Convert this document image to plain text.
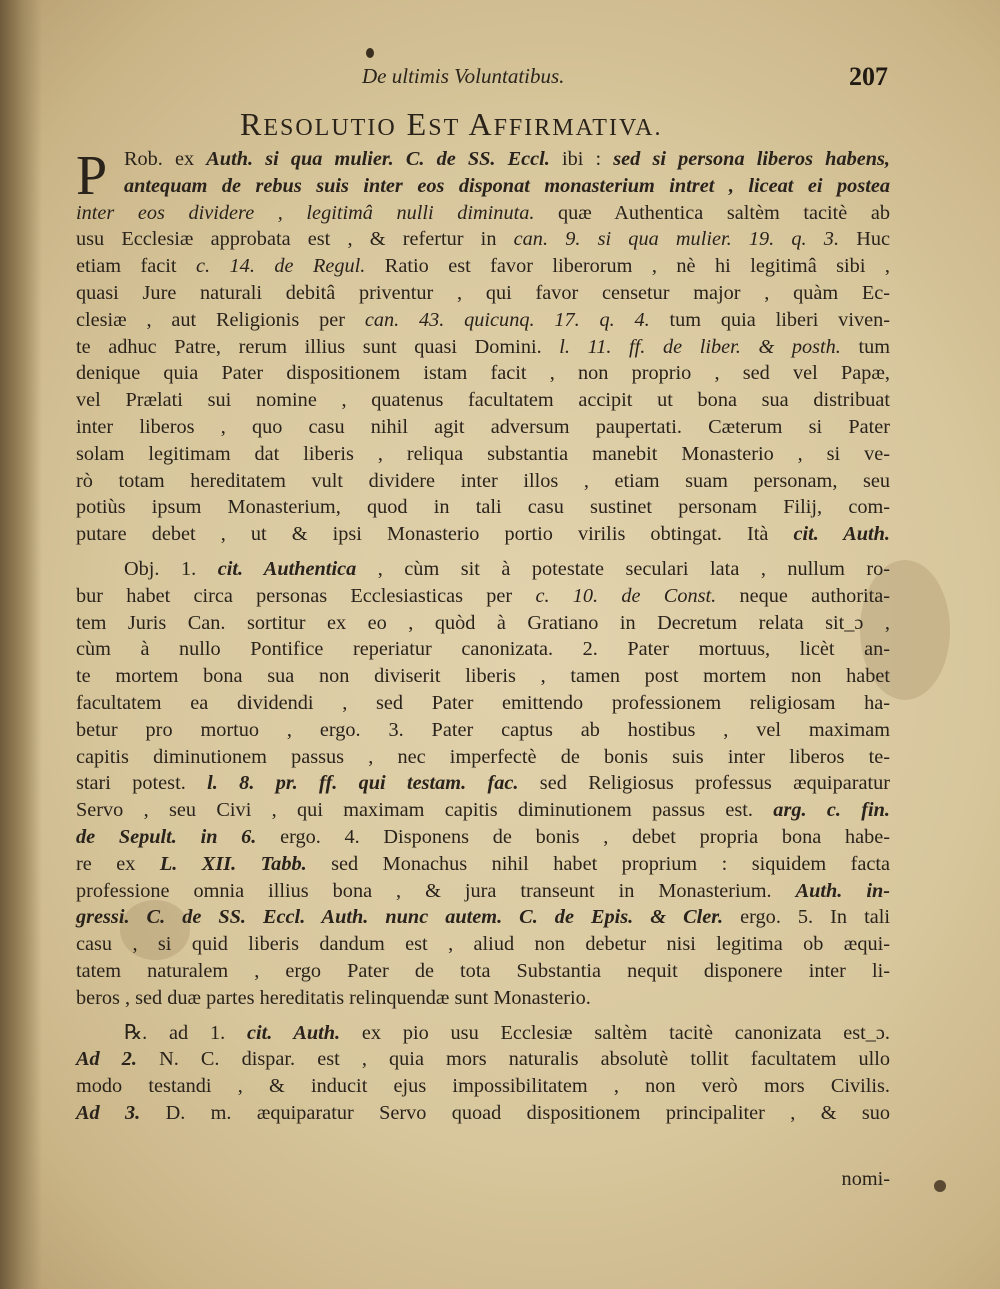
De ultimis Voluntatibus.	207
RESOLUTIO EST AFFIRMATIVA.
P Rob. ex Auth. si qua mulier. C. de SS. Eccl. ibi : sed si persona liberos habens,
antequam de rebus suis inter eos disponat monasterium intret , liceat ei postea
inter eos dividere , legitimâ nulli diminuta. quæ Authentica saltèm tacitè ab
usu Ecclesiæ approbata est , & refertur in can. 9. si qua mulier. 19. q. 3. Huc
etiam facit c. 14. de Regul. Ratio est favor liberorum , nè hi legitimâ sibi ,
quasi Jure naturali debitâ priventur , qui favor censetur major , quàm Ec-
clesiæ , aut Religionis per can. 43. quicunq. 17. q. 4. tum quia liberi viven-
te adhuc Patre, rerum illius sunt quasi Domini. l. 11. ff. de liber. & posth. tum
denique quia Pater dispositionem istam facit , non proprio , sed vel Papæ,
vel Prælati sui nomine , quatenus facultatem accipit ut bona sua distribuat
inter liberos , quo casu nihil agit adversum paupertati. Cæterum si Pater
solam legitimam dat liberis , reliqua substantia manebit Monasterio , si ve-
rò totam hereditatem vult dividere inter illos , etiam suam personam, seu
potiùs ipsum Monasterium, quod in tali casu sustinet personam Filij, com-
putare debet , ut & ipsi Monasterio portio virilis obtingat. Ità cit. Auth.
Obj. 1. cit. Authentica , cùm sit à potestate seculari lata , nullum ro-
bur habet circa personas Ecclesiasticas per c. 10. de Const. neque authorita-
tem Juris Can. sortitur ex eo , quòd à Gratiano in Decretum relata sit_ɔ ,
cùm à nullo Pontifice reperiatur canonizata. 2. Pater mortuus, licèt an-
te mortem bona sua non diviserit liberis , tamen post mortem non habet
facultatem ea dividendi , sed Pater emittendo professionem religiosam ha-
betur pro mortuo , ergo. 3. Pater captus ab hostibus , vel maximam
capitis diminutionem passus , nec imperfectè de bonis suis inter liberos te-
stari potest. l. 8. pr. ff. qui testam. fac. sed Religiosus professus æquiparatur
Servo , seu Civi , qui maximam capitis diminutionem passus est. arg. c. fin.
de Sepult. in 6. ergo. 4. Disponens de bonis , debet propria bona habe-
re ex L. XII. Tabb. sed Monachus nihil habet proprium : siquidem facta
professione omnia illius bona , & jura transeunt in Monasterium. Auth. in-
gressi. C. de SS. Eccl. Auth. nunc autem. C. de Epis. & Cler. ergo. 5. In tali
casu , si quid liberis dandum est , aliud non debetur nisi legitima ob æqui-
tatem naturalem , ergo Pater de tota Substantia nequit disponere inter li-
beros , sed duæ partes hereditatis relinquendæ sunt Monasterio.
℞. ad 1. cit. Auth. ex pio usu Ecclesiæ saltèm tacitè canonizata est_ɔ.
Ad 2. N. C. dispar. est , quia mors naturalis absolutè tollit facultatem ullo
modo testandi , & inducit ejus impossibilitatem , non verò mors Civilis.
Ad 3. D. m. æquiparatur Servo quoad dispositionem principaliter , & suo
nomi-
